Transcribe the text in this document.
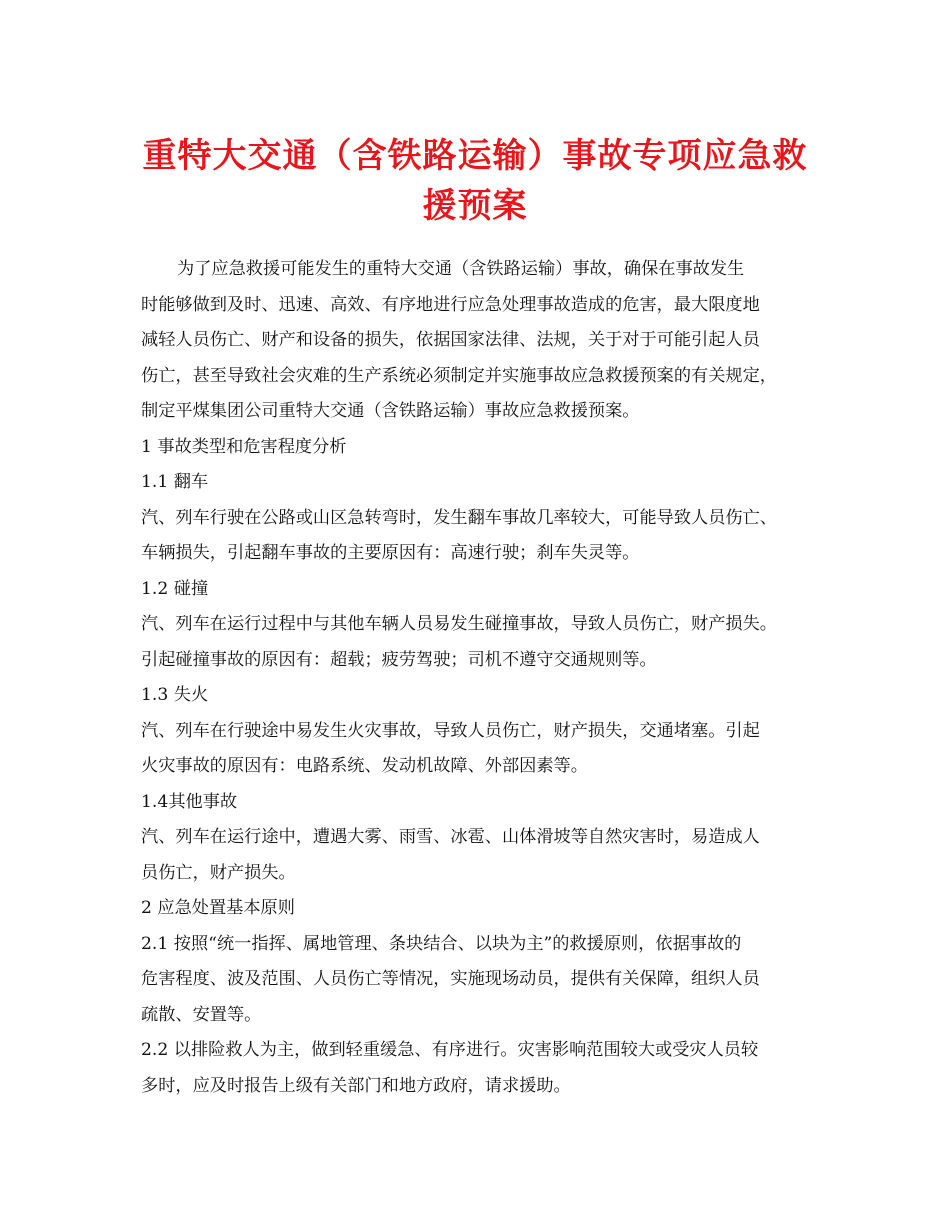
重特大交通（含铁路运输）事故专项应急救
援预案
为了应急救援可能发生的重特大交通（含铁路运输）事故，确保在事故发生
时能够做到及时、迅速、高效、有序地进行应急处理事故造成的危害，最大限度地
减轻人员伤亡、财产和设备的损失，依据国家法律、法规，关于对于可能引起人员
伤亡，甚至导致社会灾难的生产系统必须制定并实施事故应急救援预案的有关规定，
制定平煤集团公司重特大交通（含铁路运输）事故应急救援预案。
1 事故类型和危害程度分析
1.1 翻车
汽、列车行驶在公路或山区急转弯时，发生翻车事故几率较大，可能导致人员伤亡、
车辆损失，引起翻车事故的主要原因有：高速行驶；刹车失灵等。
1.2 碰撞
汽、列车在运行过程中与其他车辆人员易发生碰撞事故，导致人员伤亡，财产损失。
引起碰撞事故的原因有：超载；疲劳驾驶；司机不遵守交通规则等。
1.3 失火
汽、列车在行驶途中易发生火灾事故，导致人员伤亡，财产损失，交通堵塞。引起
火灾事故的原因有：电路系统、发动机故障、外部因素等。
1.4其他事故
汽、列车在运行途中，遭遇大雾、雨雪、冰雹、山体滑坡等自然灾害时，易造成人
员伤亡，财产损失。
2 应急处置基本原则
2.1 按照“统一指挥、属地管理、条块结合、以块为主”的救援原则，依据事故的
危害程度、波及范围、人员伤亡等情况，实施现场动员，提供有关保障，组织人员
疏散、安置等。
2.2 以排险救人为主，做到轻重缓急、有序进行。灾害影响范围较大或受灾人员较
多时，应及时报告上级有关部门和地方政府，请求援助。
